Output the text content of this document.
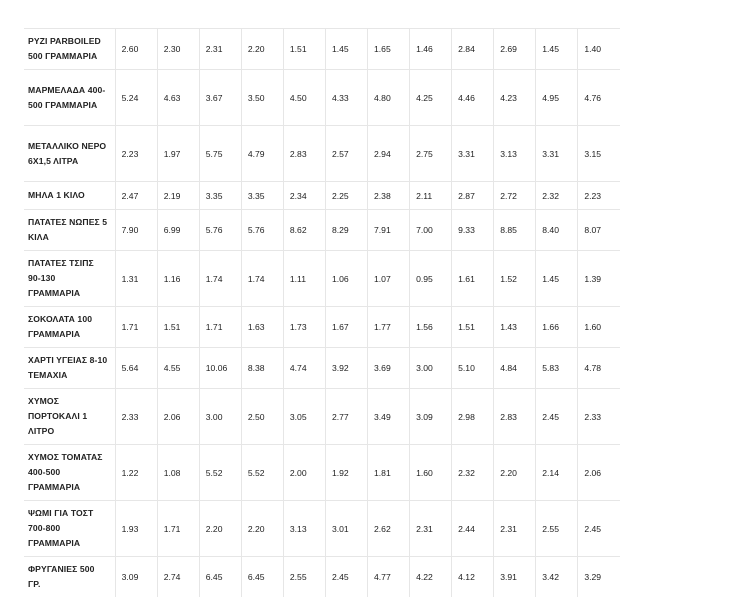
ΡΥΖΙ PARBOILED 500 ΓΡΑΜΜΑΡΙΑ	2.60	2.30	2.31	2.20	1.51	1.45	1.65	1.46	2.84	2.69	1.45	1.40
ΜΑΡΜΕΛΑΔΑ 400-500 ΓΡΑΜΜΑΡΙΑ	5.24	4.63	3.67	3.50	4.50	4.33	4.80	4.25	4.46	4.23	4.95	4.76
ΜΕΤΑΛΛΙΚΟ ΝΕΡΟ 6Χ1,5 ΛΙΤΡΑ	2.23	1.97	5.75	4.79	2.83	2.57	2.94	2.75	3.31	3.13	3.31	3.15
ΜΗΛΑ 1 ΚΙΛΟ	2.47	2.19	3.35	3.35	2.34	2.25	2.38	2.11	2.87	2.72	2.32	2.23
ΠΑΤΑΤΕΣ ΝΩΠΕΣ 5 ΚΙΛΑ	7.90	6.99	5.76	5.76	8.62	8.29	7.91	7.00	9.33	8.85	8.40	8.07
ΠΑΤΑΤΕΣ ΤΣΙΠΣ 90-130 ΓΡΑΜΜΑΡΙΑ	1.31	1.16	1.74	1.74	1.11	1.06	1.07	0.95	1.61	1.52	1.45	1.39
ΣΟΚΟΛΑΤΑ 100 ΓΡΑΜΜΑΡΙΑ	1.71	1.51	1.71	1.63	1.73	1.67	1.77	1.56	1.51	1.43	1.66	1.60
ΧΑΡΤΙ ΥΓΕΙΑΣ 8-10 ΤΕΜΑΧΙΑ	5.64	4.55	10.06	8.38	4.74	3.92	3.69	3.00	5.10	4.84	5.83	4.78
ΧΥΜΟΣ ΠΟΡΤΟΚΑΛΙ 1 ΛΙΤΡΟ	2.33	2.06	3.00	2.50	3.05	2.77	3.49	3.09	2.98	2.83	2.45	2.33
ΧΥΜΟΣ ΤΟΜΑΤΑΣ 400-500 ΓΡΑΜΜΑΡΙΑ	1.22	1.08	5.52	5.52	2.00	1.92	1.81	1.60	2.32	2.20	2.14	2.06
ΨΩΜΙ ΓΙΑ ΤΟΣΤ 700-800 ΓΡΑΜΜΑΡΙΑ	1.93	1.71	2.20	2.20	3.13	3.01	2.62	2.31	2.44	2.31	2.55	2.45
ΦΡΥΓΑΝΙΕΣ 500 ΓΡ.	3.09	2.74	6.45	6.45	2.55	2.45	4.77	4.22	4.12	3.91	3.42	3.29
